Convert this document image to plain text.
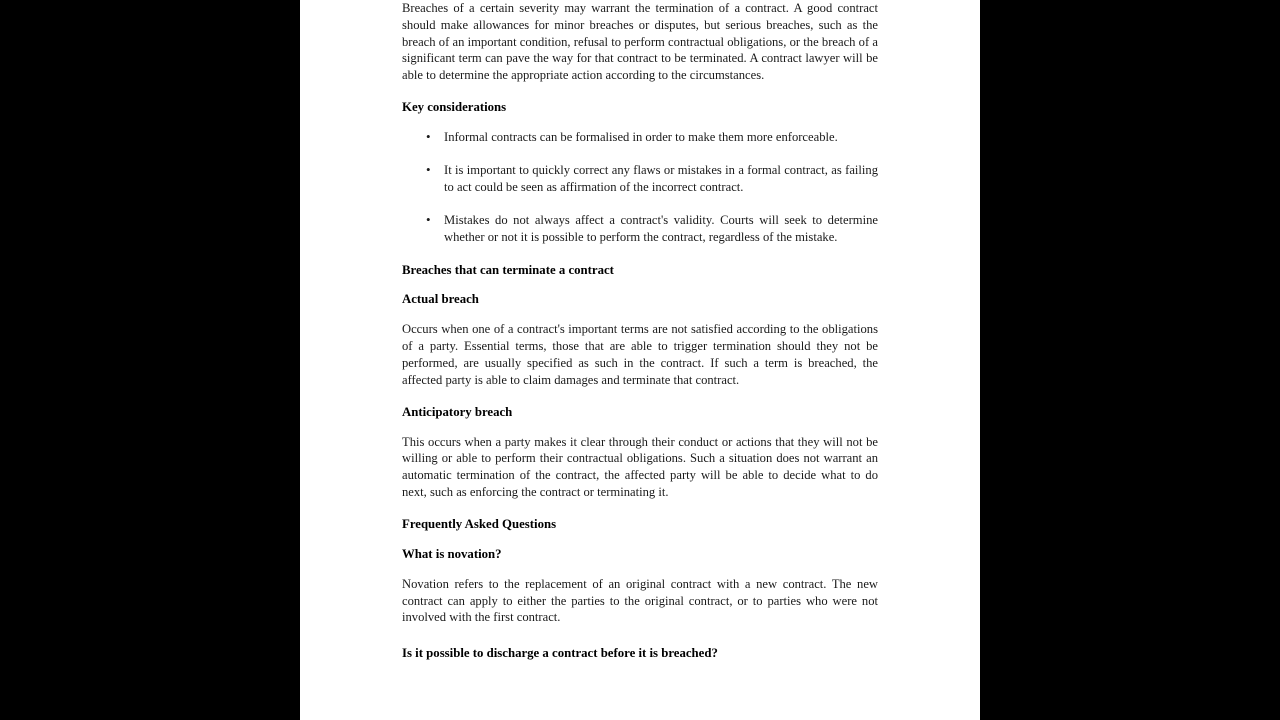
Breaches of a certain severity may warrant the termination of a contract. A good contract should make allowances for minor breaches or disputes, but serious breaches, such as the breach of an important condition, refusal to perform contractual obligations, or the breach of a significant term can pave the way for that contract to be terminated. A contract lawyer will be able to determine the appropriate action according to the circumstances.

Key considerations
• Informal contracts can be formalised in order to make them more enforceable.
• It is important to quickly correct any flaws or mistakes in a formal contract, as failing to act could be seen as affirmation of the incorrect contract.
• Mistakes do not always affect a contract's validity. Courts will seek to determine whether or not it is possible to perform the contract, regardless of the mistake.
Breaches that can terminate a contract
Actual breach

Occurs when one of a contract's important terms are not satisfied according to the obligations of a party. Essential terms, those that are able to trigger termination should they not be performed, are usually specified as such in the contract. If such a term is breached, the affected party is able to claim damages and terminate that contract.

Anticipatory breach

This occurs when a party makes it clear through their conduct or actions that they will not be willing or able to perform their contractual obligations. Such a situation does not warrant an automatic termination of the contract, the affected party will be able to decide what to do next, such as enforcing the contract or terminating it.

Frequently Asked Questions
What is novation?

Novation refers to the replacement of an original contract with a new contract. The new contract can apply to either the parties to the original contract, or to parties who were not involved with the first contract.

Is it possible to discharge a contract before it is breached?
